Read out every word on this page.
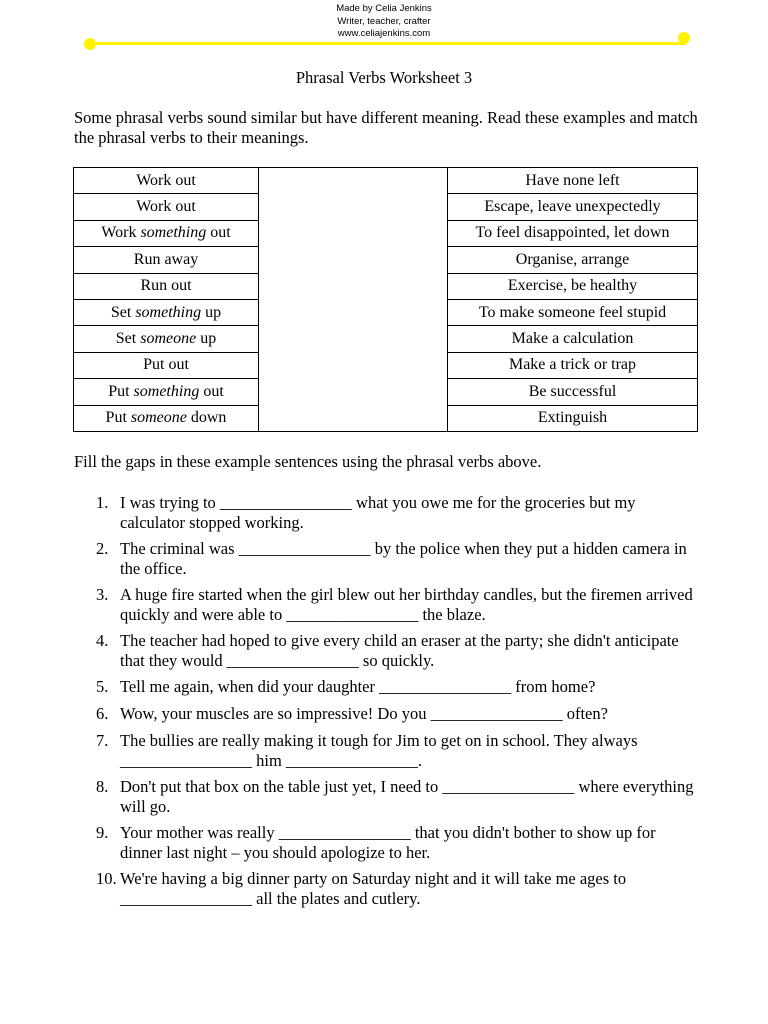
Made by Celia Jenkins
Writer, teacher, crafter
www.celiajenkins.com
Phrasal Verbs Worksheet 3

Some phrasal verbs sound similar but have different meaning. Read these examples and match the phrasal verbs to their meanings.

Work out		Have none left
Work out		Escape, leave unexpectedly
Work something out		To feel disappointed, let down
Run away		Organise, arrange
Run out		Exercise, be healthy
Set something up		To make someone feel stupid
Set someone up		Make a calculation
Put out		Make a trick or trap
Put something out		Be successful
Put someone down		Extinguish

Fill the gaps in these example sentences using the phrasal verbs above.

1. I was trying to ________________ what you owe me for the groceries but my calculator stopped working.
2. The criminal was ________________ by the police when they put a hidden camera in the office.
3. A huge fire started when the girl blew out her birthday candles, but the firemen arrived quickly and were able to ________________ the blaze.
4. The teacher had hoped to give every child an eraser at the party; she didn't anticipate that they would ________________ so quickly.
5. Tell me again, when did your daughter ________________ from home?
6. Wow, your muscles are so impressive! Do you ________________ often?
7. The bullies are really making it tough for Jim to get on in school. They always ________________ him ________________.
8. Don't put that box on the table just yet, I need to ________________ where everything will go.
9. Your mother was really ________________ that you didn't bother to show up for dinner last night – you should apologize to her.
10. We're having a big dinner party on Saturday night and it will take me ages to ________________ all the plates and cutlery.
